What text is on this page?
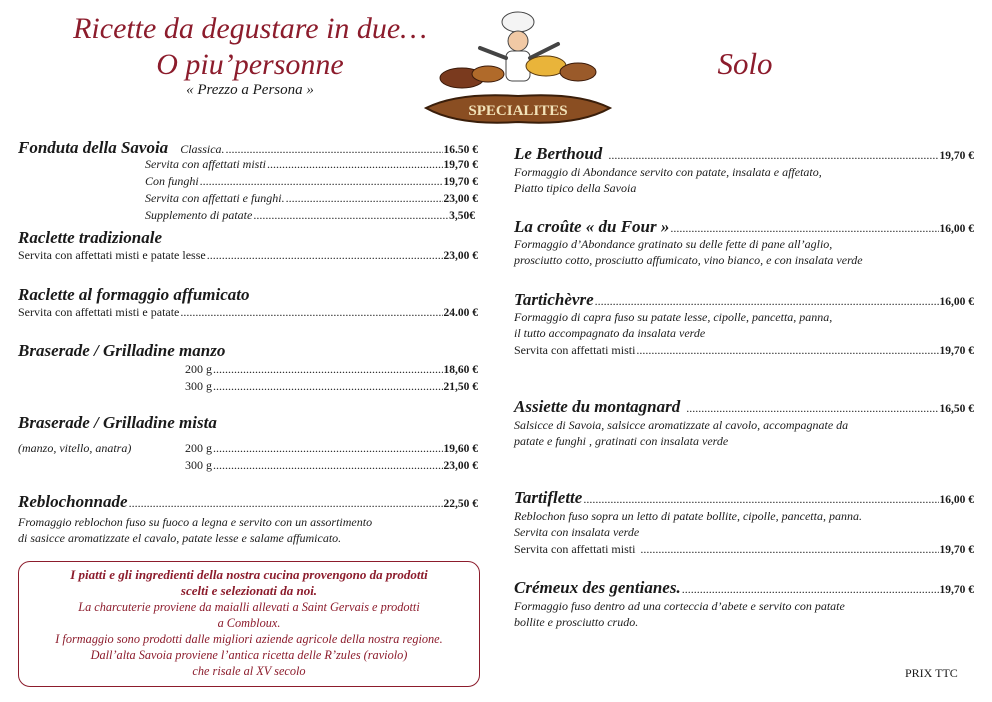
Ricette da degustare in due…
O piu’personne
« Prezzo a Persona »
Solo
SPECIALITES
Fonduta della Savoia Classica. .....	16.50 €
Servita con affettati misti .....	19,70 €
Con funghi .....	19,70 €
Servita con affettati e funghi. .....	23,00 €
Supplemento di patate .....	3,50€
Raclette tradizionale
Servita con affettati misti e patate lesse .....	23,00 €
Raclette al formaggio affumicato
Servita con affettati misti e patate .....	24.00 €
Braserade / Grilladine manzo
200 g .....	18,60 €
300 g .....	21,50 €
Braserade / Grilladine mista
(manzo, vitello, anatra)	200 g .....	19,60 €
300 g .....	23,00 €
Reblochonnade .....	22,50 €
Fromaggio reblochon fuso su fuoco a legna e servito con un assortimento
di sasicce aromatizzate el cavalo, patate lesse e salame affumicato.
I piatti e gli ingredienti della nostra cucina provengono da prodotti
scelti e selezionati da noi.
La charcuterie proviene da maialli allevati a Saint Gervais e prodotti
a Combloux.
I formaggio sono prodotti dalle migliori aziende agricole della nostra regione.
Dall’alta Savoia proviene l’antica ricetta delle R’zules (raviolo)
che risale al XV secolo
Le Berthoud .....	19,70 €
Formaggio di Abondance servito con patate, insalata e affetato,
Piatto tipico della Savoia
La croûte « du Four » .....	16,00 €
Formaggio d’Abondance gratinato su delle fette di pane all’aglio,
prosciutto cotto, prosciutto affumicato, vino bianco, e con insalata verde
Tartichèvre .....	16,00 €
Formaggio di capra fuso su patate lesse, cipolle, pancetta, panna,
il tutto accompagnato da insalata verde
Servita con affettati misti .....	19,70 €
Assiette du montagnard .....	16,50 €
Salsicce di Savoia, salsicce aromatizzate al cavolo, accompagnate da
patate e funghi , gratinati con insalata verde
Tartiflette .....	16,00 €
Reblochon fuso sopra un letto di patate bollite, cipolle, pancetta, panna.
Servita con insalata verde
Servita con affettati misti .....	19,70 €
Crémeux des gentianes. .....	19,70 €
Formaggio fuso dentro ad una corteccia d’abete e servito con patate
bollite e prosciutto crudo.
PRIX TTC
